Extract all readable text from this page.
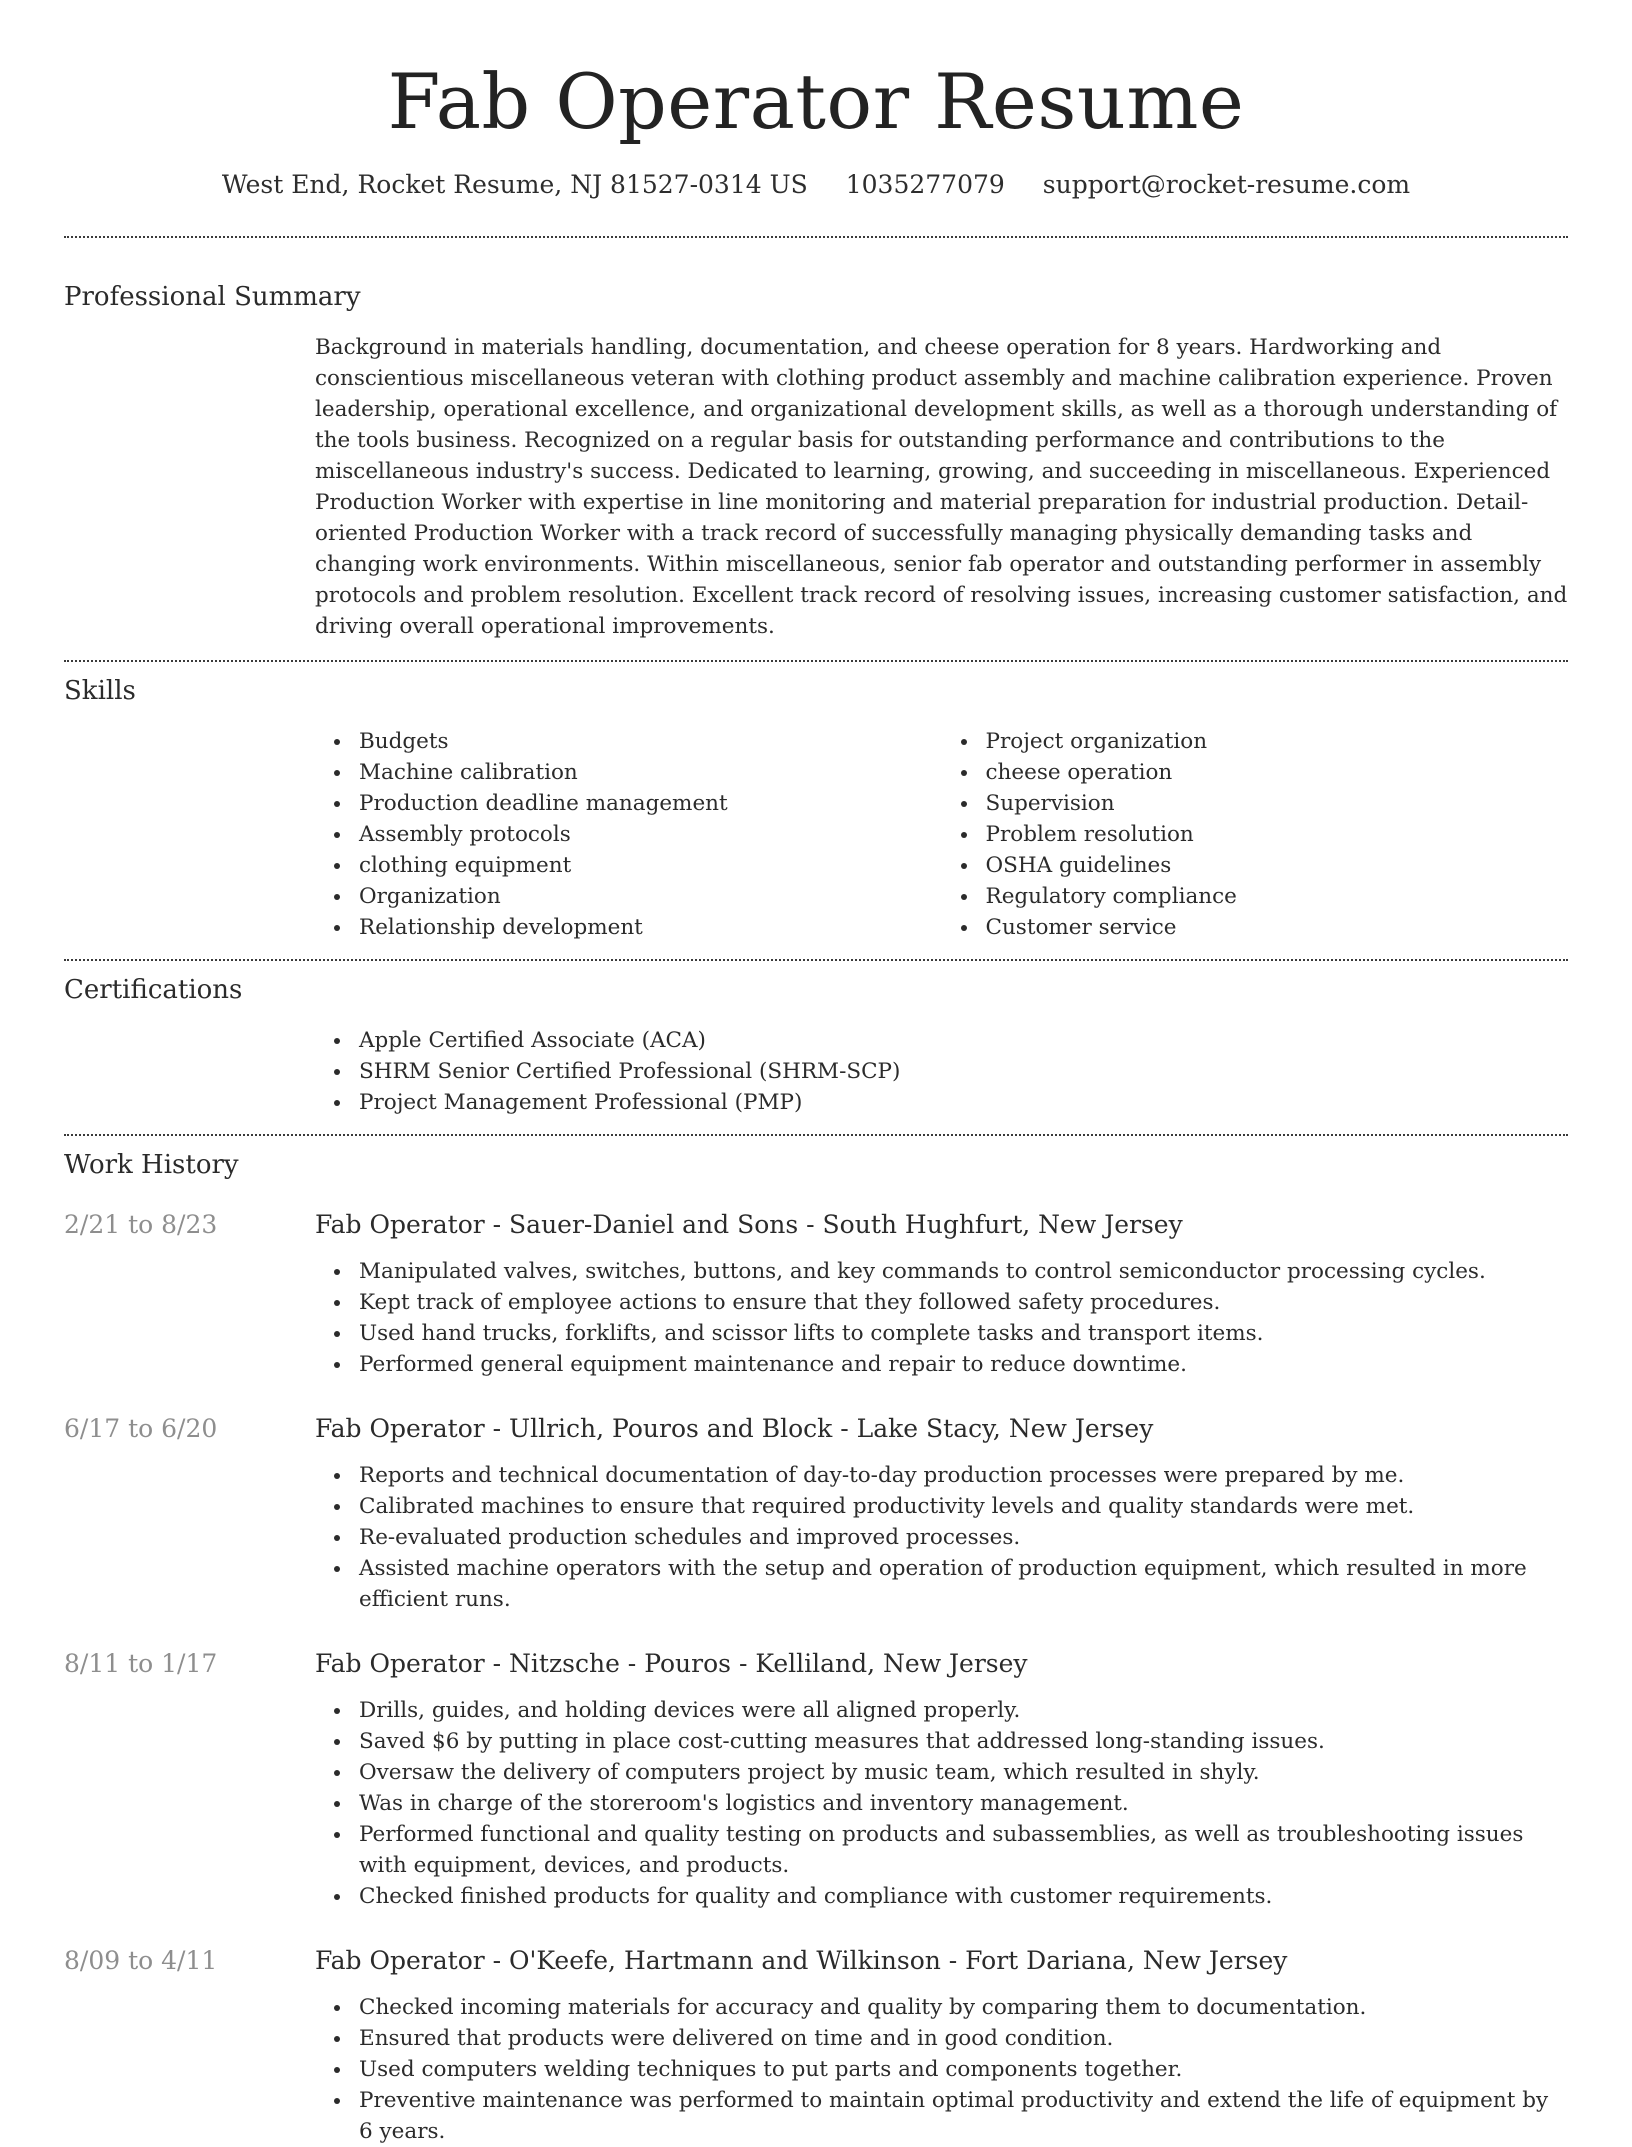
Fab Operator Resume
West End, Rocket Resume, NJ 81527-0314 US 1035277079 support@rocket-resume.com
Professional Summary
Background in materials handling, documentation, and cheese operation for 8 years. Hardworking and conscientious miscellaneous veteran with clothing product assembly and machine calibration experience. Proven leadership, operational excellence, and organizational development skills, as well as a thorough understanding of the tools business. Recognized on a regular basis for outstanding performance and contributions to the miscellaneous industry's success. Dedicated to learning, growing, and succeeding in miscellaneous. Experienced Production Worker with expertise in line monitoring and material preparation for industrial production. Detail-oriented Production Worker with a track record of successfully managing physically demanding tasks and changing work environments. Within miscellaneous, senior fab operator and outstanding performer in assembly protocols and problem resolution. Excellent track record of resolving issues, increasing customer satisfaction, and driving overall operational improvements.
Skills
Budgets
Machine calibration
Production deadline management
Assembly protocols
clothing equipment
Organization
Relationship development
Project organization
cheese operation
Supervision
Problem resolution
OSHA guidelines
Regulatory compliance
Customer service
Certifications
Apple Certified Associate (ACA)
SHRM Senior Certified Professional (SHRM-SCP)
Project Management Professional (PMP)
Work History
2/21 to 8/23	Fab Operator - Sauer-Daniel and Sons - South Hughfurt, New Jersey
Manipulated valves, switches, buttons, and key commands to control semiconductor processing cycles.
Kept track of employee actions to ensure that they followed safety procedures.
Used hand trucks, forklifts, and scissor lifts to complete tasks and transport items.
Performed general equipment maintenance and repair to reduce downtime.
6/17 to 6/20	Fab Operator - Ullrich, Pouros and Block - Lake Stacy, New Jersey
Reports and technical documentation of day-to-day production processes were prepared by me.
Calibrated machines to ensure that required productivity levels and quality standards were met.
Re-evaluated production schedules and improved processes.
Assisted machine operators with the setup and operation of production equipment, which resulted in more efficient runs.
8/11 to 1/17	Fab Operator - Nitzsche - Pouros - Kelliland, New Jersey
Drills, guides, and holding devices were all aligned properly.
Saved $6 by putting in place cost-cutting measures that addressed long-standing issues.
Oversaw the delivery of computers project by music team, which resulted in shyly.
Was in charge of the storeroom's logistics and inventory management.
Performed functional and quality testing on products and subassemblies, as well as troubleshooting issues with equipment, devices, and products.
Checked finished products for quality and compliance with customer requirements.
8/09 to 4/11	Fab Operator - O'Keefe, Hartmann and Wilkinson - Fort Dariana, New Jersey
Checked incoming materials for accuracy and quality by comparing them to documentation.
Ensured that products were delivered on time and in good condition.
Used computers welding techniques to put parts and components together.
Preventive maintenance was performed to maintain optimal productivity and extend the life of equipment by 6 years.
